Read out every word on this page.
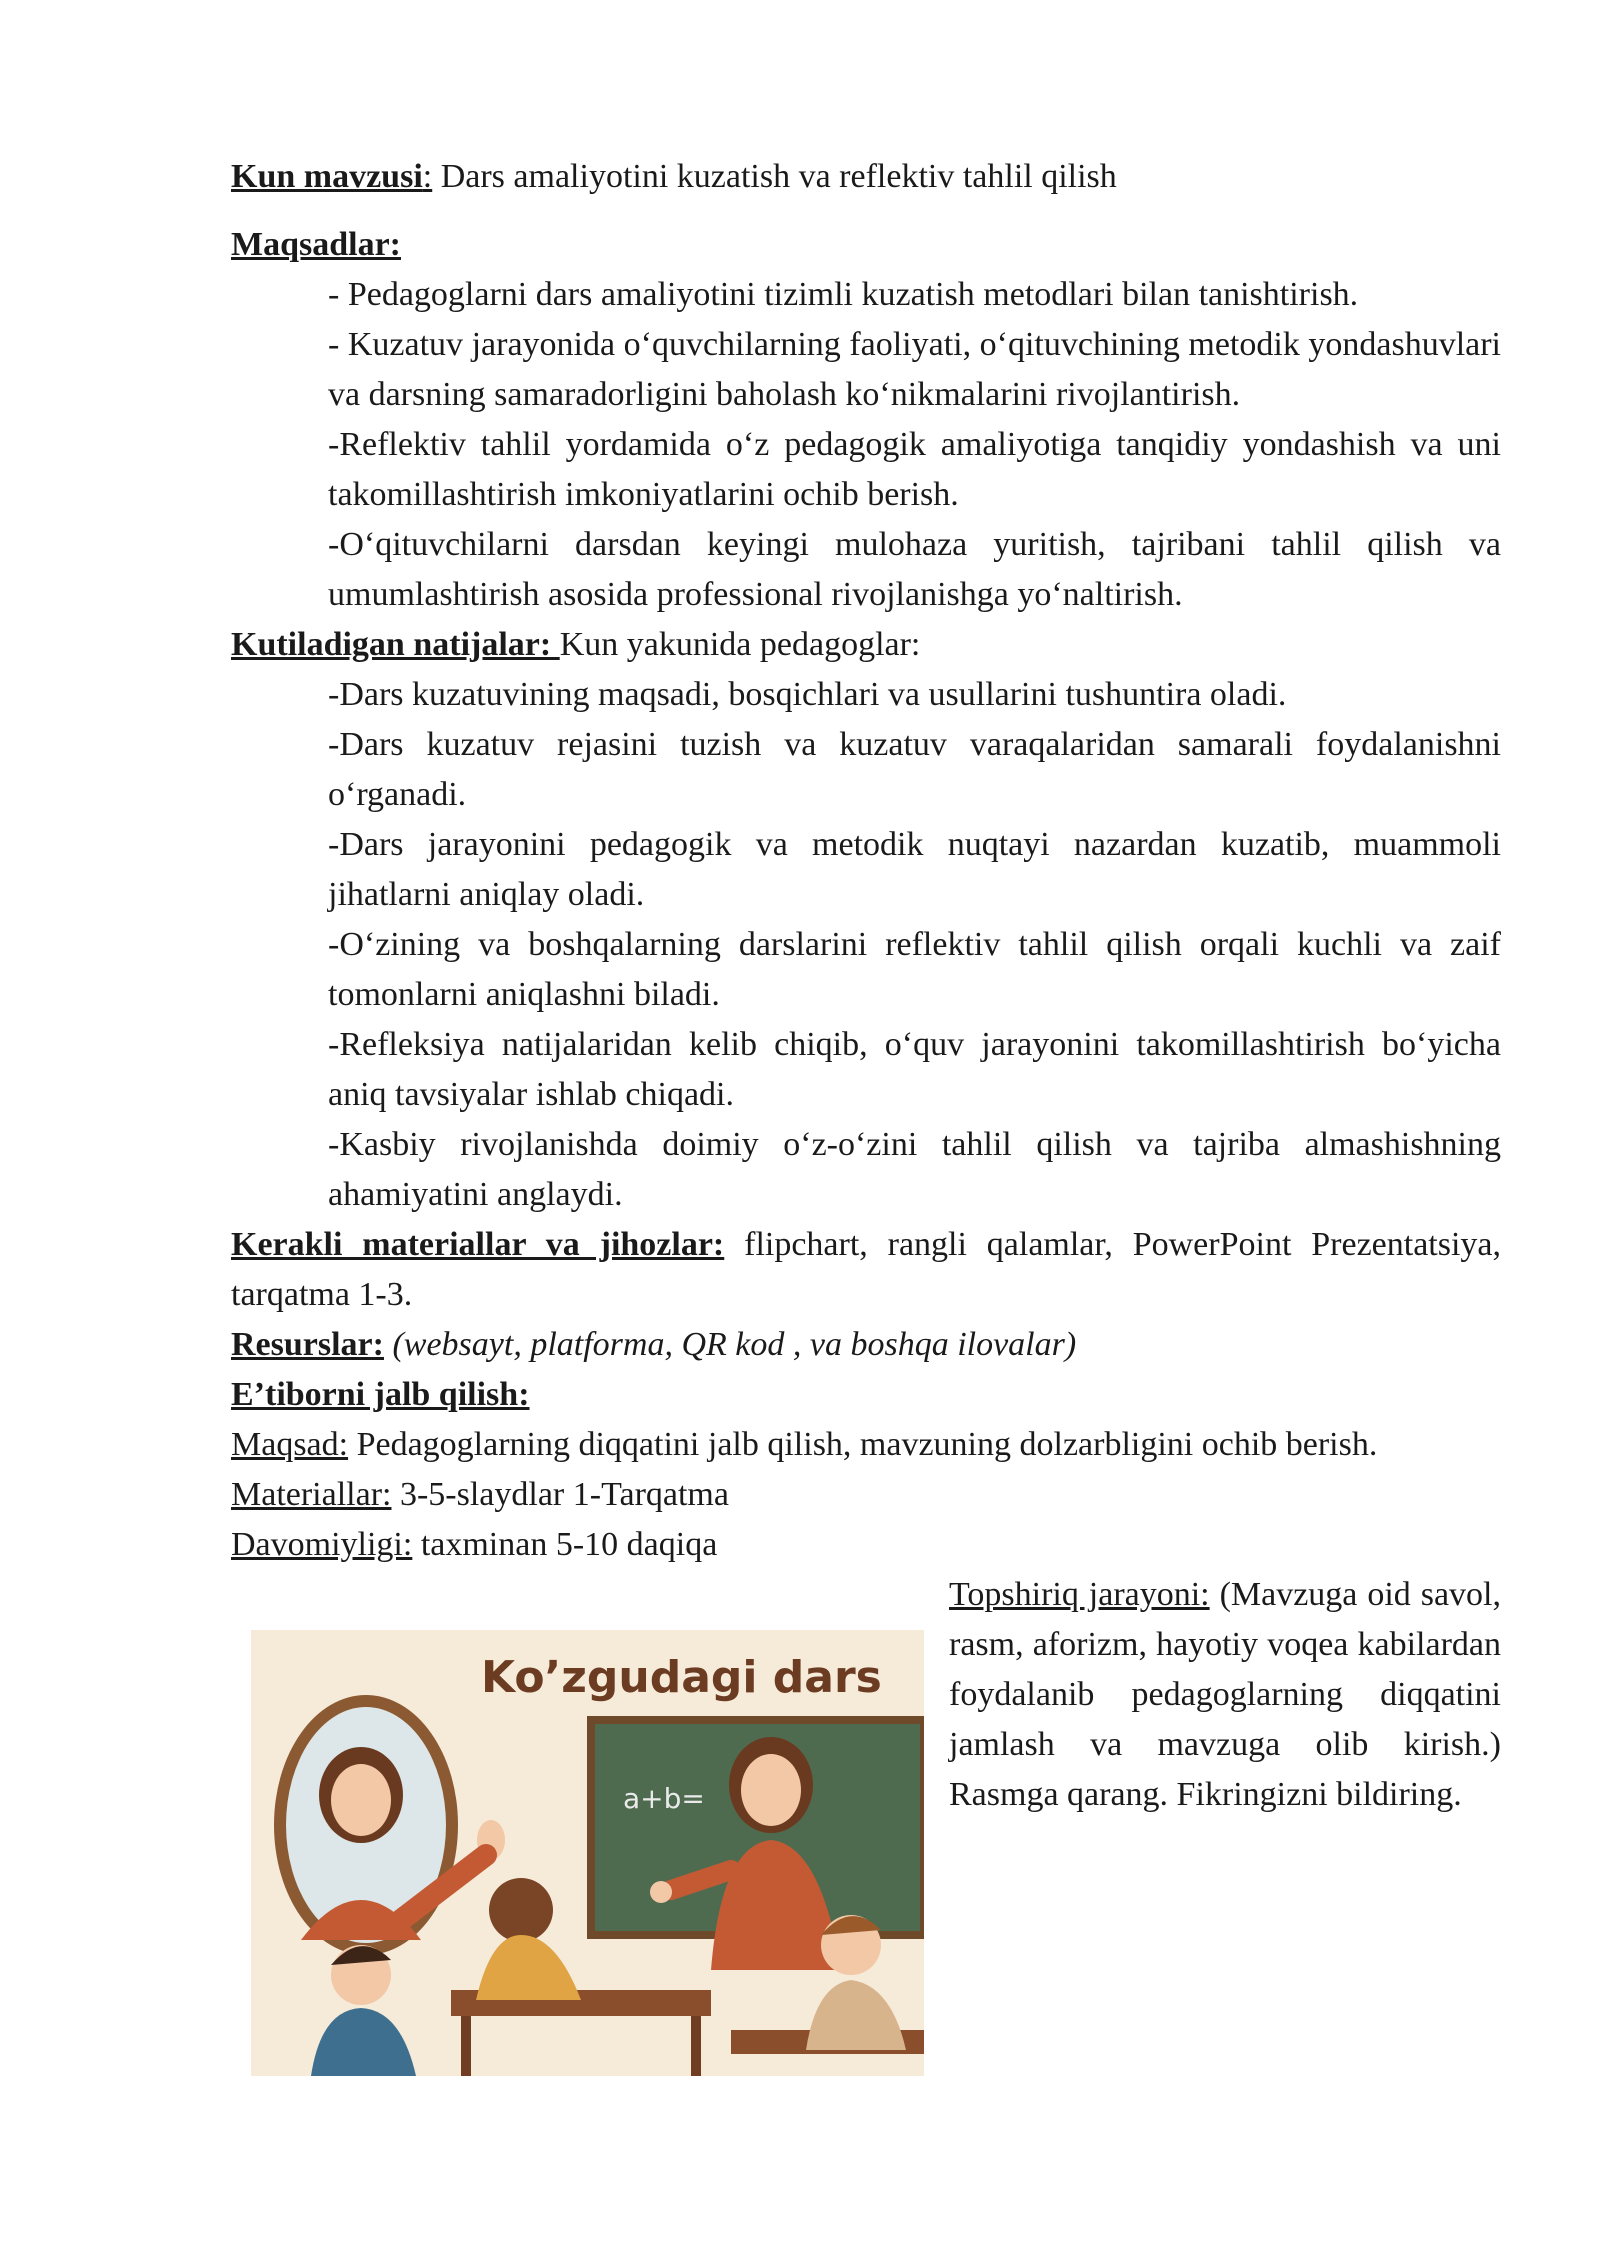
Kun mavzusi: Dars amaliyotini kuzatish va reflektiv tahlil qilish

Maqsadlar:

- Pedagoglarni dars amaliyotini tizimli kuzatish metodlari bilan tanishtirish.

- Kuzatuv jarayonida o‘quvchilarning faoliyati, o‘qituvchining metodik yondashuvlari va darsning samaradorligini baholash ko‘nikmalarini rivojlantirish.

-Reflektiv tahlil yordamida o‘z pedagogik amaliyotiga tanqidiy yondashish va uni takomillashtirish imkoniyatlarini ochib berish.

-O‘qituvchilarni darsdan keyingi mulohaza yuritish, tajribani tahlil qilish va umumlashtirish asosida professional rivojlanishga yo‘naltirish.

Kutiladigan natijalar: Kun yakunida pedagoglar:

-Dars kuzatuvining maqsadi, bosqichlari va usullarini tushuntira oladi.

-Dars kuzatuv rejasini tuzish va kuzatuv varaqalaridan samarali foydalanishni o‘rganadi.

-Dars jarayonini pedagogik va metodik nuqtayi nazardan kuzatib, muammoli jihatlarni aniqlay oladi.

-O‘zining va boshqalarning darslarini reflektiv tahlil qilish orqali kuchli va zaif tomonlarni aniqlashni biladi.

-Refleksiya natijalaridan kelib chiqib, o‘quv jarayonini takomillashtirish bo‘yicha aniq tavsiyalar ishlab chiqadi.

-Kasbiy rivojlanishda doimiy o‘z-o‘zini tahlil qilish va tajriba almashishning ahamiyatini anglaydi.

Kerakli materiallar va jihozlar: flipchart, rangli qalamlar, PowerPoint Prezentatsiya, tarqatma 1-3.

Resurslar: (websayt, platforma, QR kod , va boshqa ilovalar)

E’tiborni jalb qilish:

Maqsad: Pedagoglarning diqqatini jalb qilish, mavzuning dolzarbligini ochib berish.

Materiallar: 3-5-slaydlar 1-Tarqatma

Davomiyligi: taxminan 5-10 daqiqa

Ko’zgudagi dars
a+b=

Topshiriq jarayoni: (Mavzuga oid savol, rasm, aforizm, hayotiy voqea kabilardan foydalanib pedagoglarning diqqatini jamlash va mavzuga olib kirish.) Rasmga qarang. Fikringizni bildiring.
